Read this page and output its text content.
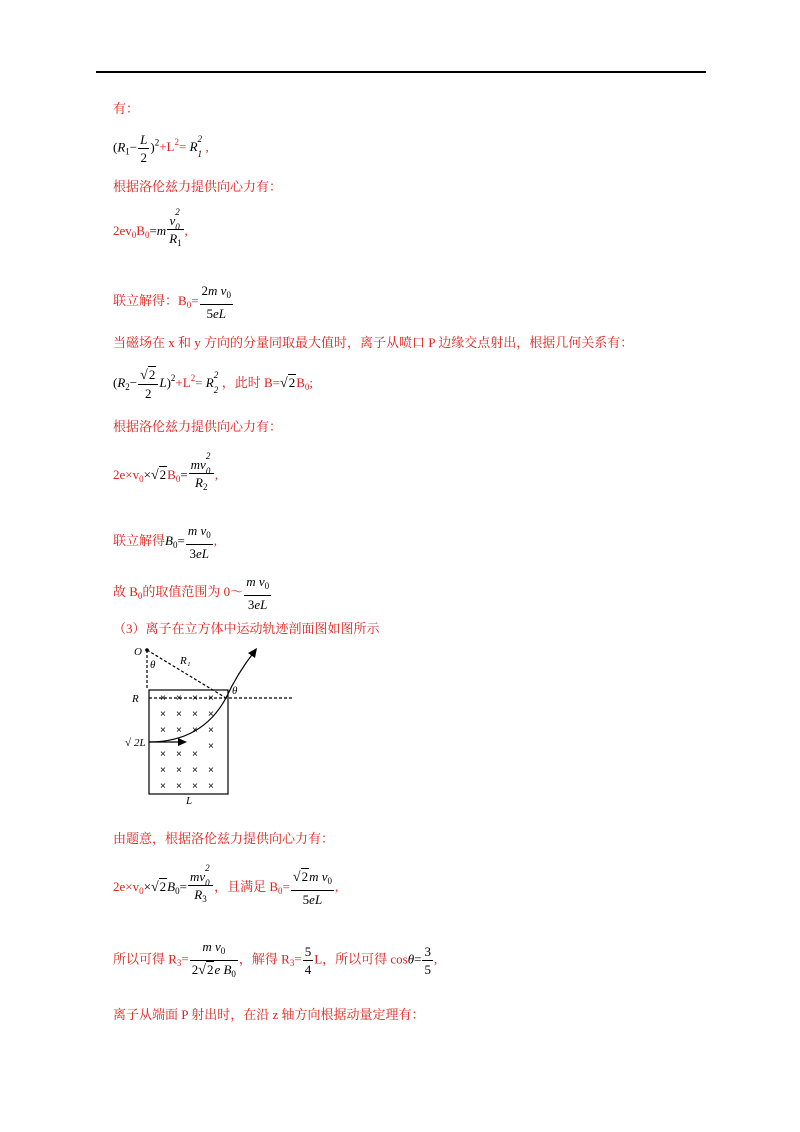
有：
$(R_1- \frac{L}{2} )^2+L^2= R$ 2
1 ,
根据洛伦兹力提供向心力有：
$2ev_0B_0=m$ v
2
0
$R_1$ ,
联立解得：$B_0= \frac{2m v_0}{5eL}$
当磁场在 x 和 y 方向的分量同取最大值时，离子从喷口 P 边缘交点射出，根据几何关系有：
$(R_2- \frac{√2}{2} L)^2+L^2= R$ 2
2 ，此时 $B=√2B_0$;
根据洛伦兹力提供向心力有：
$2e\times v_0\times√2B_0=$ mv
2
0
$R_2$ ,
联立解得$B_0= \frac{m v_0}{3eL}$ ,
故 $B_0$的取值范围为 0～ $\frac{m v_0}{3eL}$
（3）离子在立方体中运动轨迹剖面图如图所示
O
θ R₁
θ
R
√ 2L
L
× × × ×
× × × ×
× × × ×
×
× × ×
× × × ×
× × × ×
由题意，根据洛伦兹力提供向心力有：
$2e\times v_0\times√2B_0=$ mv
2
0
$R_3$ ，且满足 $B_0= \frac{√2m v_0}{5eL}$ ,
所以可得 $R_3= \frac{m v_0}{2√2e B_0}$ ，解得 $R_3= \frac{5}{4}$ L，所以可得 $\cos\theta= \frac{3}{5}$ ,
离子从端面 P 射出时，在沿 z 轴方向根据动量定理有：
